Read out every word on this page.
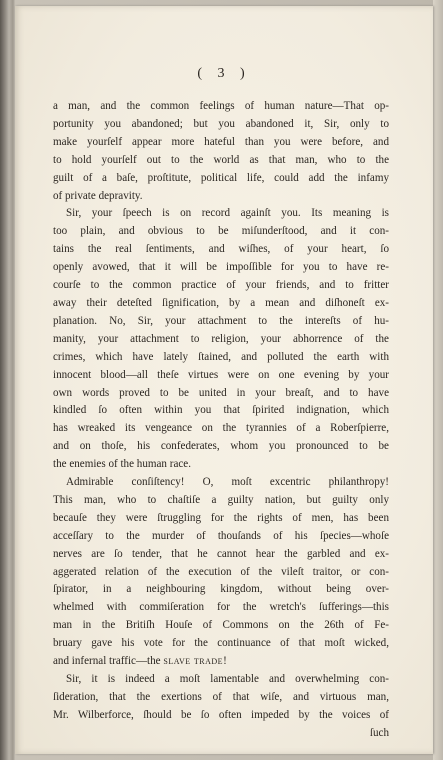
( 3 )
a man, and the common feelings of human nature—That op-
portunity you abandoned; but you abandoned it, Sir, only to
make yourſelf appear more hateful than you were before, and
to hold yourſelf out to the world as that man, who to the
guilt of a baſe, proſtitute, political life, could add the infamy
of private depravity.
Sir, your ſpeech is on record againſt you. Its meaning is
too plain, and obvious to be miſunderſtood, and it con-
tains the real ſentiments, and wiſhes, of your heart, ſo
openly avowed, that it will be impoſſible for you to have re-
courſe to the common practice of your friends, and to fritter
away their deteſted ſignification, by a mean and diſhoneſt ex-
planation. No, Sir, your attachment to the intereſts of hu-
manity, your attachment to religion, your abhorrence of the
crimes, which have lately ſtained, and polluted the earth with
innocent blood—all theſe virtues were on one evening by your
own words proved to be united in your breaſt, and to have
kindled ſo often within you that ſpirited indignation, which
has wreaked its vengeance on the tyrannies of a Roberſpierre,
and on thoſe, his confederates, whom you pronounced to be
the enemies of the human race.
Admirable conſiſtency! O, moſt excentric philanthropy!
This man, who to chaſtiſe a guilty nation, but guilty only
becauſe they were ſtruggling for the rights of men, has been
acceſſary to the murder of thouſands of his ſpecies—whoſe
nerves are ſo tender, that he cannot hear the garbled and ex-
aggerated relation of the execution of the vileſt traitor, or con-
ſpirator, in a neighbouring kingdom, without being over-
whelmed with commiſeration for the wretch's ſufferings—this
man in the Britiſh Houſe of Commons on the 26th of Fe-
bruary gave his vote for the continuance of that moſt wicked,
and infernal traffic—the slave trade!
Sir, it is indeed a moſt lamentable and overwhelming con-
ſideration, that the exertions of that wiſe, and virtuous man,
Mr. Wilberforce, ſhould be ſo often impeded by the voices of
ſuch
